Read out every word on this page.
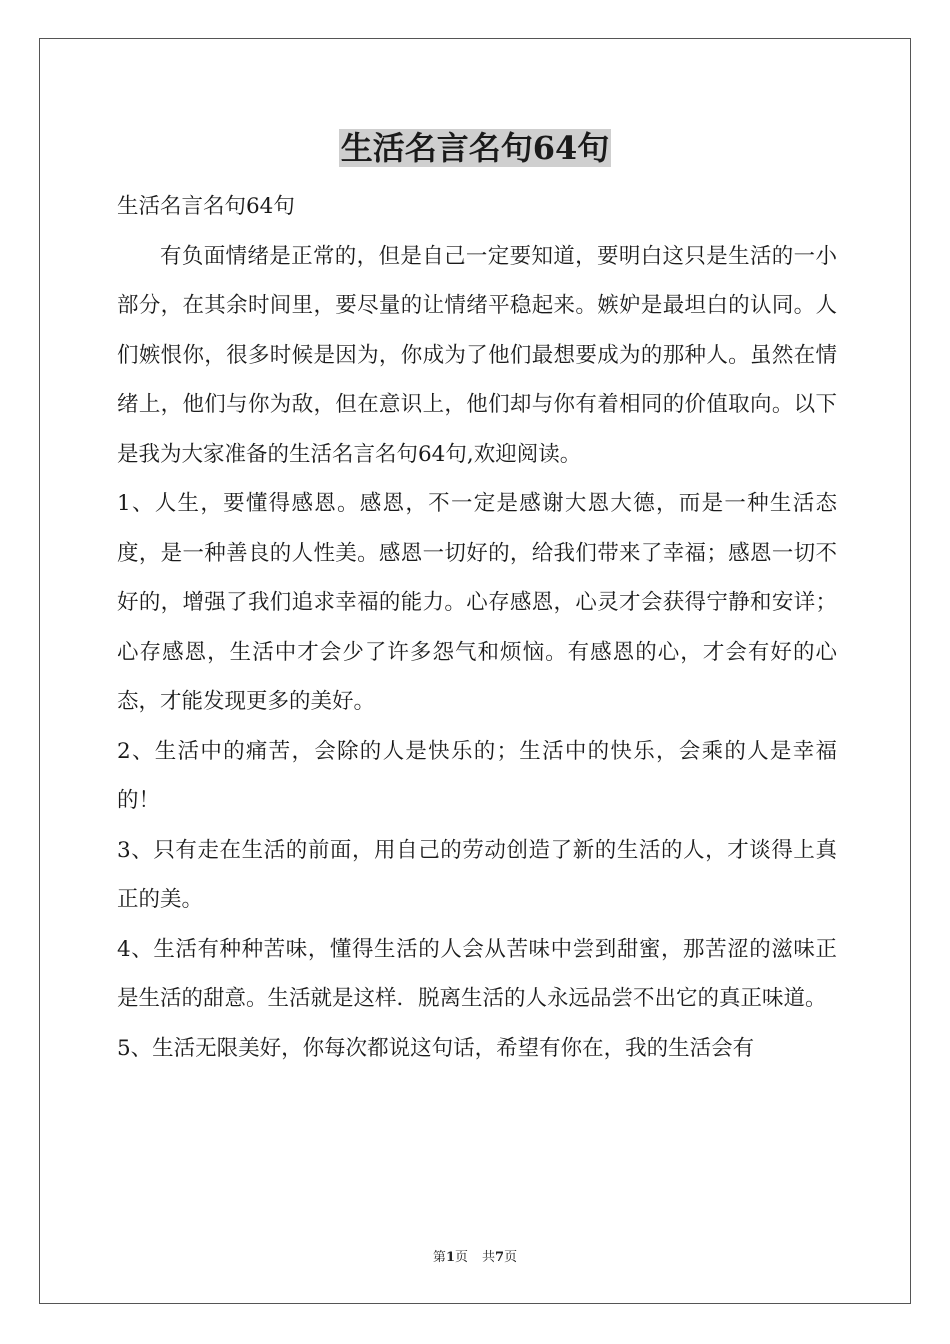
生活名言名句64句

生活名言名句64句

有负面情绪是正常的，但是自己一定要知道，要明白这只是生活的一小部分，在其余时间里，要尽量的让情绪平稳起来。嫉妒是最坦白的认同。人们嫉恨你，很多时候是因为，你成为了他们最想要成为的那种人。虽然在情绪上，他们与你为敌，但在意识上，他们却与你有着相同的价值取向。以下是我为大家准备的生活名言名句64句,欢迎阅读。

1、人生，要懂得感恩。感恩，不一定是感谢大恩大德，而是一种生活态度，是一种善良的人性美。感恩一切好的，给我们带来了幸福；感恩一切不好的，增强了我们追求幸福的能力。心存感恩，心灵才会获得宁静和安详；心存感恩，生活中才会少了许多怨气和烦恼。有感恩的心，才会有好的心态，才能发现更多的美好。

2、生活中的痛苦，会除的人是快乐的；生活中的快乐，会乘的人是幸福的！

3、只有走在生活的前面，用自己的劳动创造了新的生活的人，才谈得上真正的美。

4、生活有种种苦味，懂得生活的人会从苦味中尝到甜蜜，那苦涩的滋味正是生活的甜意。生活就是这样．脱离生活的人永远品尝不出它的真正味道。

5、生活无限美好，你每次都说这句话，希望有你在，我的生活会有

第1页 共7页
